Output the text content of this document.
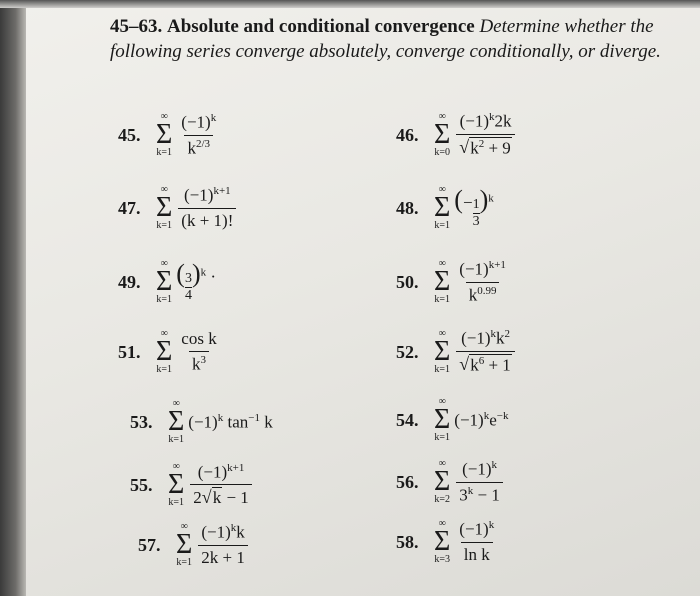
45–63. Absolute and conditional convergence Determine whether the following series converge absolutely, converge conditionally, or diverge.
45.
∞
Σ
$k=1 \frac{(-1)^k}{k^{2/3}}$	46.
∞
Σ
$k=0 \frac{(-1)^k2k}{√ k^2 + 9}$
47.
∞
Σ
$k=1 \frac{(-1)^{k+1}}{(k + 1)!}$	48.
∞
Σ
k=1
(− $\frac{1}{3} )^k$
49.
∞
Σ
k=1
( $\frac{3}{4} )^k$ ·	50.
∞
Σ
$k=1 \frac{(-1)^{k+1}}{k^{0.99}}$
51.
∞
Σ
$k=1 \frac{\text{cos k}}{k^3}$	52.
∞
Σ
$k=1 \frac{(-1)^kk^2}{√ k^6 + 1}$
53.
∞
Σ
k=1
$(-1)^k$ $\tan^{-1} k$	54.
∞
Σ
k=1
$(-1)^ke^{-k}$
55.
∞
Σ
$k=1 \frac{(-1)^{k+1}}{2 √ k - 1}$	56.
∞
Σ
$k=2 \frac{(-1)^k}{3^k - 1}$
57.
∞
Σ
$k=1 \frac{(-1)^kk}{2k + 1}$	58.
∞
Σ
$k=3 \frac{(-1)^k}{\text{ln k}}$
